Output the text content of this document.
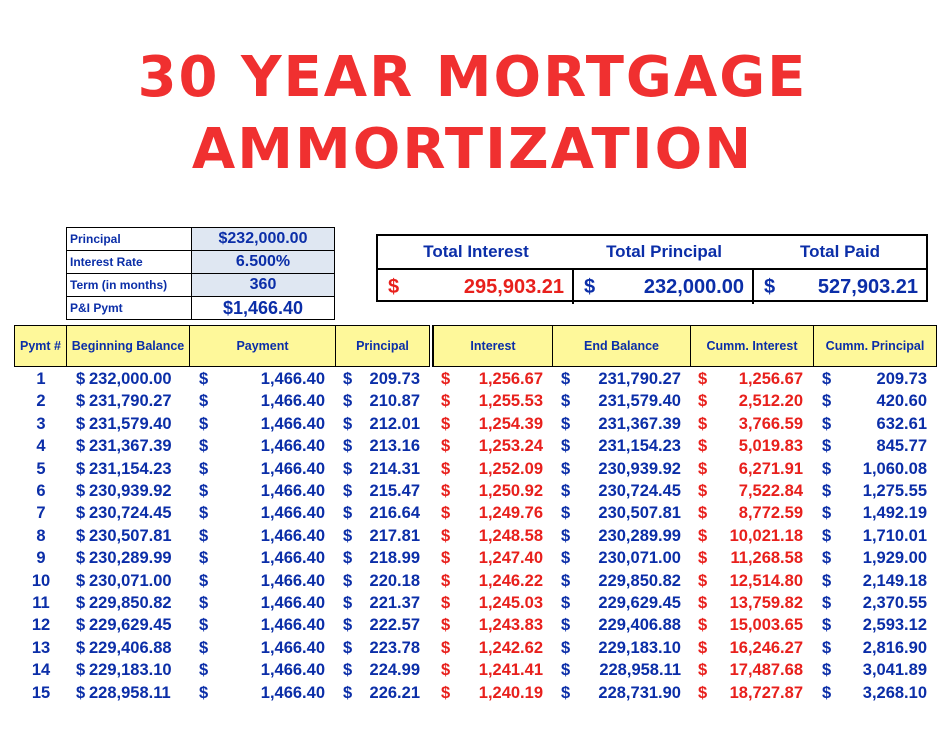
30 YEAR MORTGAGE
AMMORTIZATION
Principal	$232,000.00
Interest Rate	6.500%
Term (in months)	360
P&I Pymt	$1,466.40
Total Interest	Total Principal	Total Paid
$	295,903.21 $ 232,000.00 $ 527,903.21
Pymt # Beginning Balance	Payment	Principal	Interest	End Balance	Cumm. Interest	Cumm. Principal
1	$ 232,000.00 $	1,466.40 $ 209.73 $ 1,256.67 $ 231,790.27 $ 1,256.67 $	209.73
2	$ 231,790.27 $	1,466.40 $ 210.87 $ 1,255.53 $ 231,579.40 $ 2,512.20 $	420.60
3	$ 231,579.40 $	1,466.40 $ 212.01 $ 1,254.39 $ 231,367.39 $ 3,766.59 $	632.61
4	$ 231,367.39 $	1,466.40 $ 213.16 $ 1,253.24 $ 231,154.23 $ 5,019.83 $	845.77
5	$ 231,154.23 $	1,466.40 $ 214.31 $ 1,252.09 $ 230,939.92 $ 6,271.91 $ 1,060.08
6	$ 230,939.92 $	1,466.40 $ 215.47 $ 1,250.92 $ 230,724.45 $ 7,522.84 $ 1,275.55
7	$ 230,724.45 $	1,466.40 $ 216.64 $ 1,249.76 $ 230,507.81 $ 8,772.59 $ 1,492.19
8	$ 230,507.81 $	1,466.40 $ 217.81 $ 1,248.58 $ 230,289.99 $ 10,021.18 $ 1,710.01
9	$ 230,289.99 $	1,466.40 $ 218.99 $ 1,247.40 $ 230,071.00 $ 11,268.58 $ 1,929.00
10	$ 230,071.00 $	1,466.40 $ 220.18 $ 1,246.22 $ 229,850.82 $ 12,514.80 $ 2,149.18
11	$ 229,850.82 $	1,466.40 $ 221.37 $ 1,245.03 $ 229,629.45 $ 13,759.82 $ 2,370.55
12	$ 229,629.45 $	1,466.40 $ 222.57 $ 1,243.83 $ 229,406.88 $ 15,003.65 $ 2,593.12
13	$ 229,406.88 $	1,466.40 $ 223.78 $ 1,242.62 $ 229,183.10 $ 16,246.27 $ 2,816.90
14	$ 229,183.10 $	1,466.40 $ 224.99 $ 1,241.41 $ 228,958.11 $ 17,487.68 $ 3,041.89
15	$ 228,958.11 $	1,466.40 $ 226.21 $ 1,240.19 $ 228,731.90 $ 18,727.87 $ 3,268.10
